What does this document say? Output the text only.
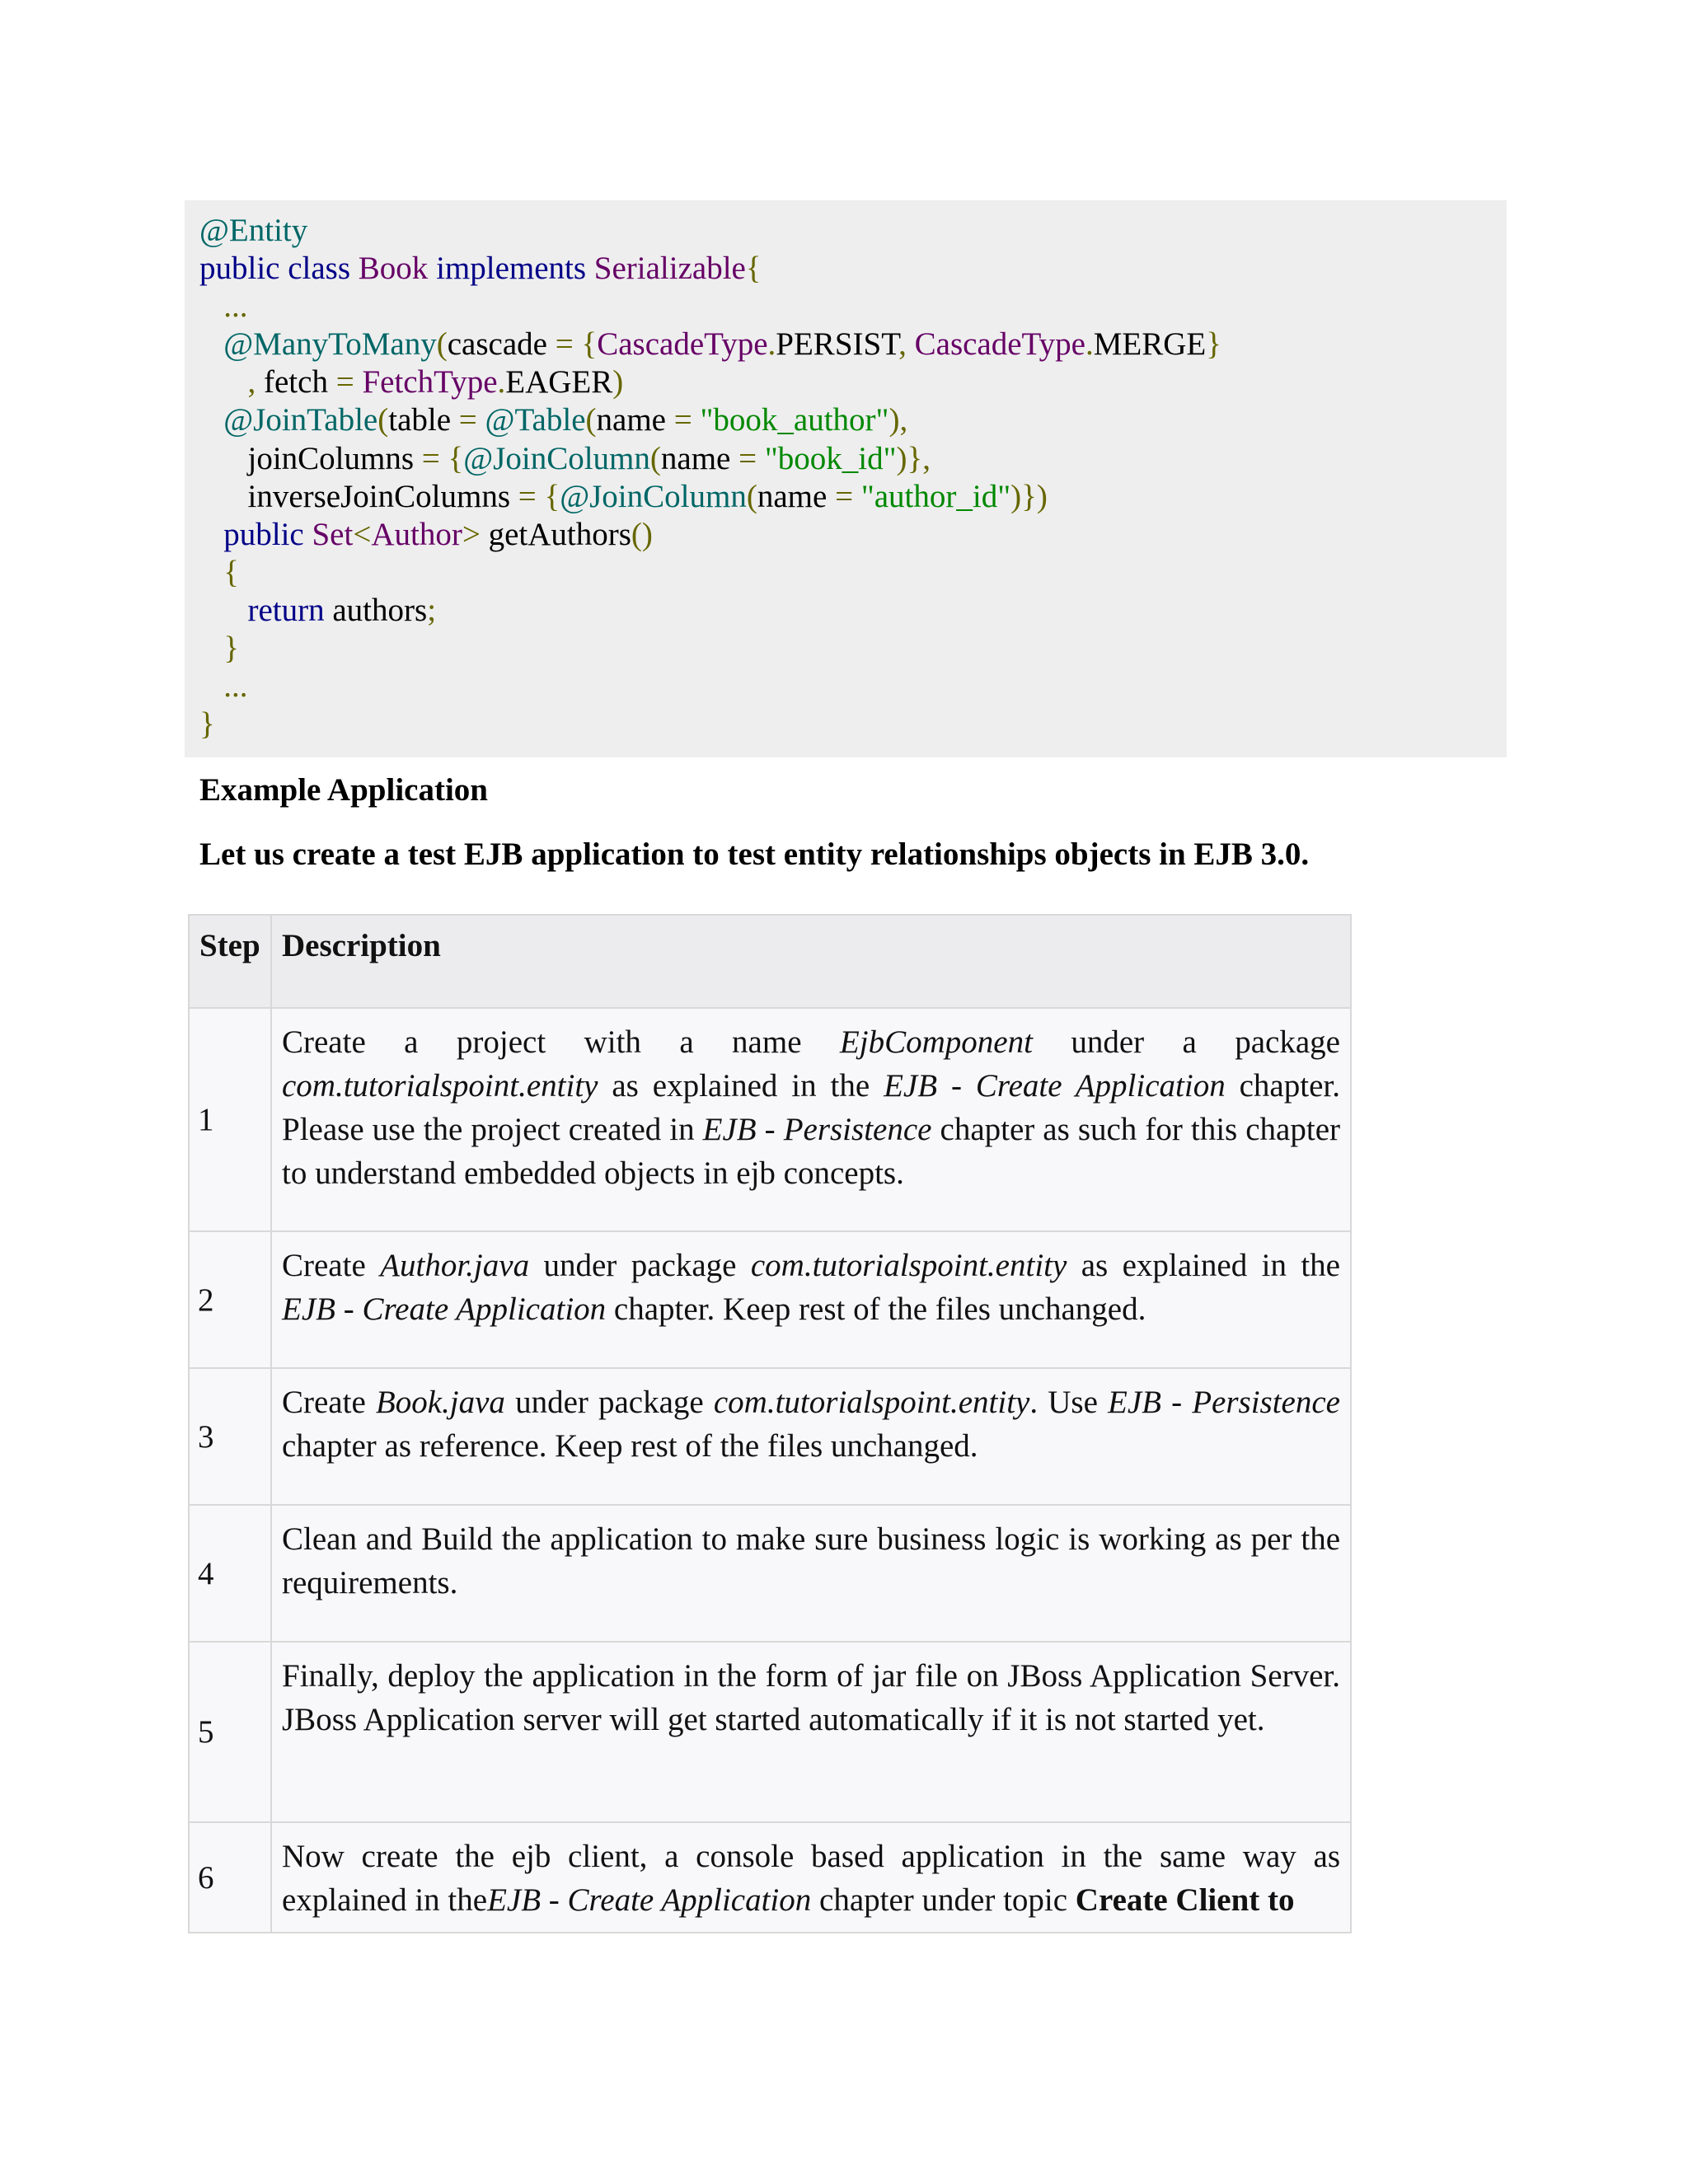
@Entity
public class Book implements Serializable{
...
@ManyToMany(cascade = {CascadeType.PERSIST, CascadeType.MERGE}
, fetch = FetchType.EAGER)
@JoinTable(table = @Table(name = "book_author"),
joinColumns = {@JoinColumn(name = "book_id")},
inverseJoinColumns = {@JoinColumn(name = "author_id")})
public Set<Author> getAuthors()
{
return authors;
}
...
}
Example Application
Let us create a test EJB application to test entity relationships objects in EJB 3.0.
Step	Description
1	Create a project with a name EjbComponent under a package com.tutorialspoint.entity as explained in the EJB - Create Application chapter. Please use the project created in EJB - Persistence chapter as such for this chapter to understand embedded objects in ejb concepts.
2	Create Author.java under package com.tutorialspoint.entity as explained in the EJB - Create Application chapter. Keep rest of the files unchanged.
3	Create Book.java under package com.tutorialspoint.entity. Use EJB - Persistence chapter as reference. Keep rest of the files unchanged.
4	Clean and Build the application to make sure business logic is working as per the requirements.
5	Finally, deploy the application in the form of jar file on JBoss Application Server. JBoss Application server will get started automatically if it is not started yet.
6	Now create the ejb client, a console based application in the same way as explained in theEJB - Create Application chapter under topic Create Client to
